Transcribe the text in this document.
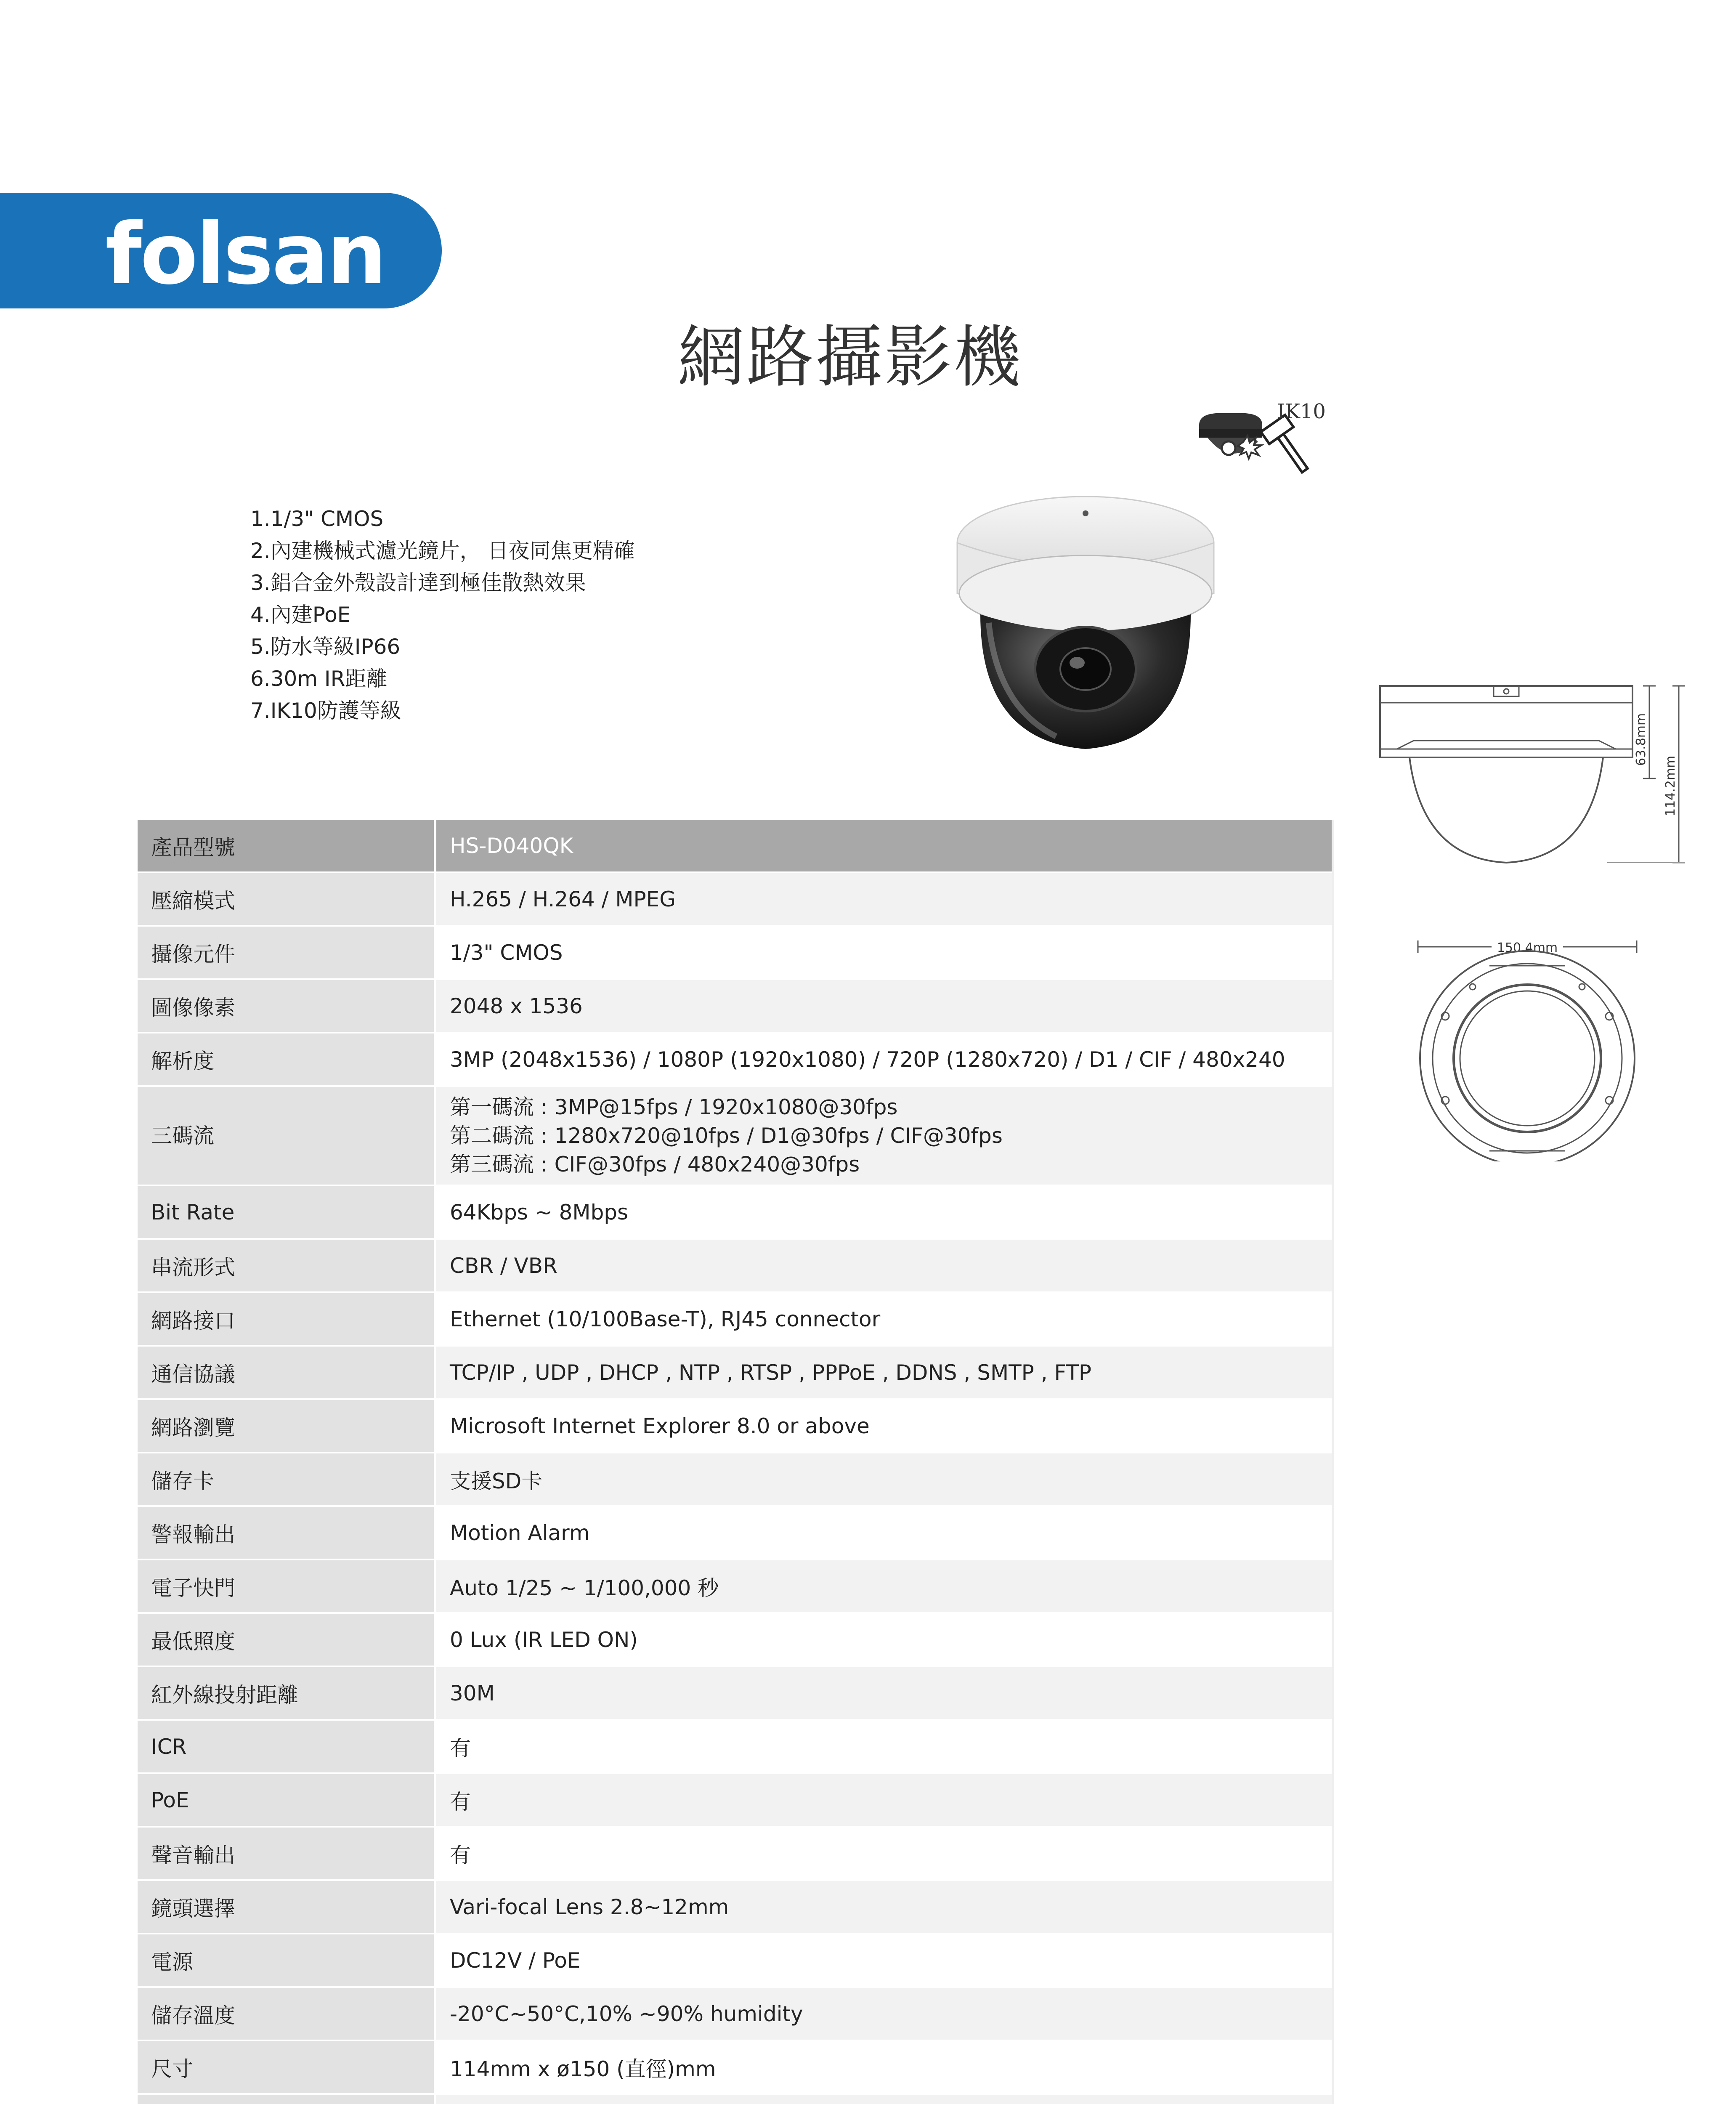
folsan
網路攝影機
IK10
1.1/3" CMOS
2.內建機械式濾光鏡片， 日夜同焦更精確
3.鋁合金外殼設計達到極佳散熱效果
4.內建PoE
5.防水等級IP66
6.30m IR距離
7.IK10防護等級
63.8mm
114.2mm
150.4mm
產品型號	HS-D040QK
壓縮模式	H.265 / H.264 / MPEG
攝像元件	1/3" CMOS
圖像像素	2048 x 1536
解析度	3MP (2048x1536) / 1080P (1920x1080) / 720P (1280x720) / D1 / CIF / 480x240
三碼流	第一碼流 : 3MP@15fps / 1920x1080@30fps
第二碼流 : 1280x720@10fps / D1@30fps / CIF@30fps
第三碼流 : CIF@30fps / 480x240@30fps

Bit Rate	64Kbps ~ 8Mbps
串流形式	CBR / VBR
網路接口	Ethernet (10/100Base-T), RJ45 connector
通信協議	TCP/IP , UDP , DHCP , NTP , RTSP , PPPoE , DDNS , SMTP , FTP
網路瀏覽	Microsoft Internet Explorer 8.0 or above
儲存卡	支援SD卡
警報輸出	Motion Alarm
電子快門	Auto 1/25 ~ 1/100,000 秒
最低照度	0 Lux (IR LED ON)
紅外線投射距離	30M
ICR	有
PoE	有
聲音輸出	有
鏡頭選擇	Vari-focal Lens 2.8~12mm
電源	DC12V / PoE
儲存溫度	-20°C~50°C,10% ~90% humidity
尺寸	114mm x ø150 (直徑)mm
